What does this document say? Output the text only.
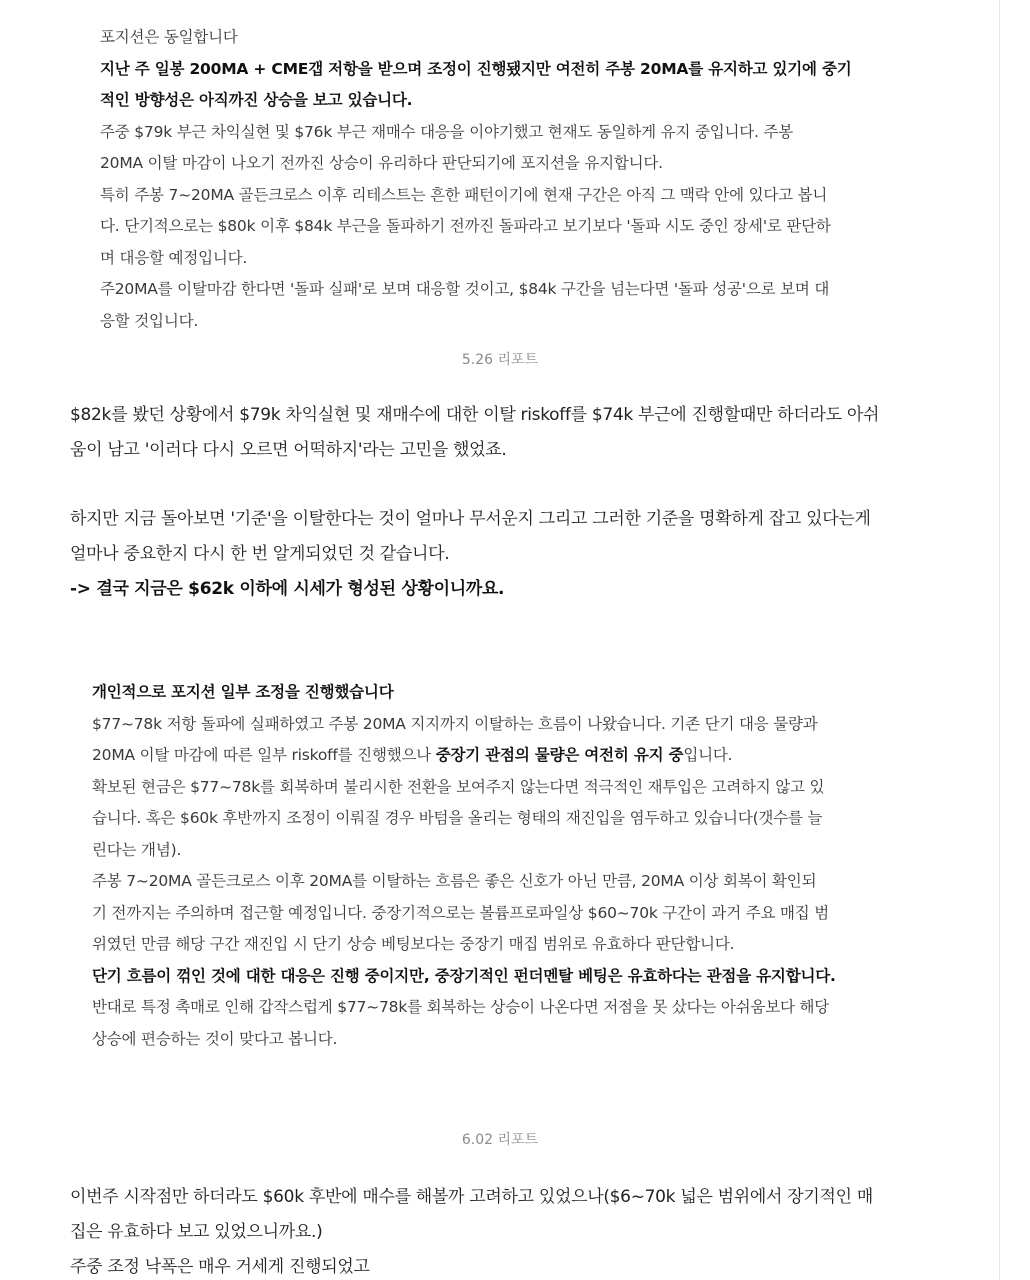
포지션은 동일합니다
지난 주 일봉 200MA + CME갭 저항을 받으며 조정이 진행됐지만 여전히 주봉 20MA를 유지하고 있기에 중기
적인 방향성은 아직까진 상승을 보고 있습니다.
주중 $79k 부근 차익실현 및 $76k 부근 재매수 대응을 이야기했고 현재도 동일하게 유지 중입니다. 주봉
20MA 이탈 마감이 나오기 전까진 상승이 유리하다 판단되기에 포지션을 유지합니다.
특히 주봉 7~20MA 골든크로스 이후 리테스트는 흔한 패턴이기에 현재 구간은 아직 그 맥락 안에 있다고 봅니
다. 단기적으로는 $80k 이후 $84k 부근을 돌파하기 전까진 돌파라고 보기보다 '돌파 시도 중인 장세'로 판단하
며 대응할 예정입니다.
주20MA를 이탈마감 한다면 '돌파 실패'로 보며 대응할 것이고, $84k 구간을 넘는다면 '돌파 성공'으로 보며 대
응할 것입니다.
5.26 리포트
$82k를 봤던 상황에서 $79k 차익실현 및 재매수에 대한 이탈 riskoff를 $74k 부근에 진행할때만 하더라도 아쉬
움이 남고 '이러다 다시 오르면 어떡하지'라는 고민을 했었죠.
하지만 지금 돌아보면 '기준'을 이탈한다는 것이 얼마나 무서운지 그리고 그러한 기준을 명확하게 잡고 있다는게
얼마나 중요한지 다시 한 번 알게되었던 것 같습니다.
-> 결국 지금은 $62k 이하에 시세가 형성된 상황이니까요.
개인적으로 포지션 일부 조정을 진행했습니다
$77~78k 저항 돌파에 실패하였고 주봉 20MA 지지까지 이탈하는 흐름이 나왔습니다. 기존 단기 대응 물량과
20MA 이탈 마감에 따른 일부 riskoff를 진행했으나 중장기 관점의 물량은 여전히 유지 중입니다.
확보된 현금은 $77~78k를 회복하며 불리시한 전환을 보여주지 않는다면 적극적인 재투입은 고려하지 않고 있
습니다. 혹은 $60k 후반까지 조정이 이뤄질 경우 바텀을 올리는 형태의 재진입을 염두하고 있습니다(갯수를 늘
린다는 개념).
주봉 7~20MA 골든크로스 이후 20MA를 이탈하는 흐름은 좋은 신호가 아닌 만큼, 20MA 이상 회복이 확인되
기 전까지는 주의하며 접근할 예정입니다. 중장기적으로는 볼륨프로파일상 $60~70k 구간이 과거 주요 매집 범
위였던 만큼 해당 구간 재진입 시 단기 상승 베팅보다는 중장기 매집 범위로 유효하다 판단합니다.
단기 흐름이 꺾인 것에 대한 대응은 진행 중이지만, 중장기적인 펀더멘탈 베팅은 유효하다는 관점을 유지합니다.
반대로 특정 촉매로 인해 갑작스럽게 $77~78k를 회복하는 상승이 나온다면 저점을 못 샀다는 아쉬움보다 해당
상승에 편승하는 것이 맞다고 봅니다.
6.02 리포트
이번주 시작점만 하더라도 $60k 후반에 매수를 해볼까 고려하고 있었으나($6~70k 넓은 범위에서 장기적인 매
집은 유효하다 보고 있었으니까요.)
주중 조정 낙폭은 매우 거세게 진행되었고
